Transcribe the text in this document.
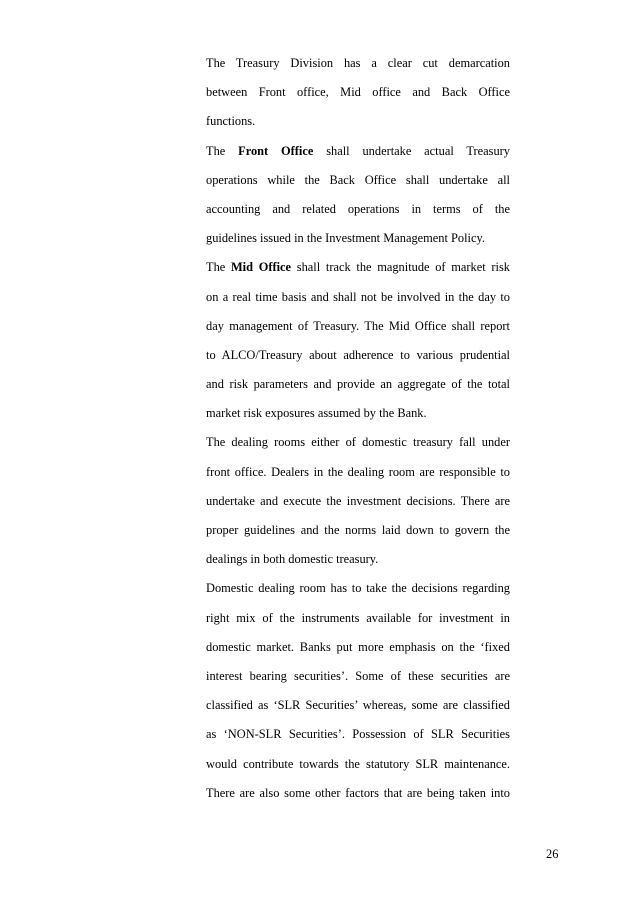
The Treasury Division has a clear cut demarcation
between Front office, Mid office and Back Office
functions.
The Front Office shall undertake actual Treasury
operations while the Back Office shall undertake all
accounting and related operations in terms of the
guidelines issued in the Investment Management Policy.
The Mid Office shall track the magnitude of market risk
on a real time basis and shall not be involved in the day to
day management of Treasury. The Mid Office shall report
to ALCO/Treasury about adherence to various prudential
and risk parameters and provide an aggregate of the total
market risk exposures assumed by the Bank.
The dealing rooms either of domestic treasury fall under
front office. Dealers in the dealing room are responsible to
undertake and execute the investment decisions. There are
proper guidelines and the norms laid down to govern the
dealings in both domestic treasury.
Domestic dealing room has to take the decisions regarding
right mix of the instruments available for investment in
domestic market. Banks put more emphasis on the ‘fixed
interest bearing securities’. Some of these securities are
classified as ‘SLR Securities’ whereas, some are classified
as ‘NON-SLR Securities’. Possession of SLR Securities
would contribute towards the statutory SLR maintenance.
There are also some other factors that are being taken into
26
